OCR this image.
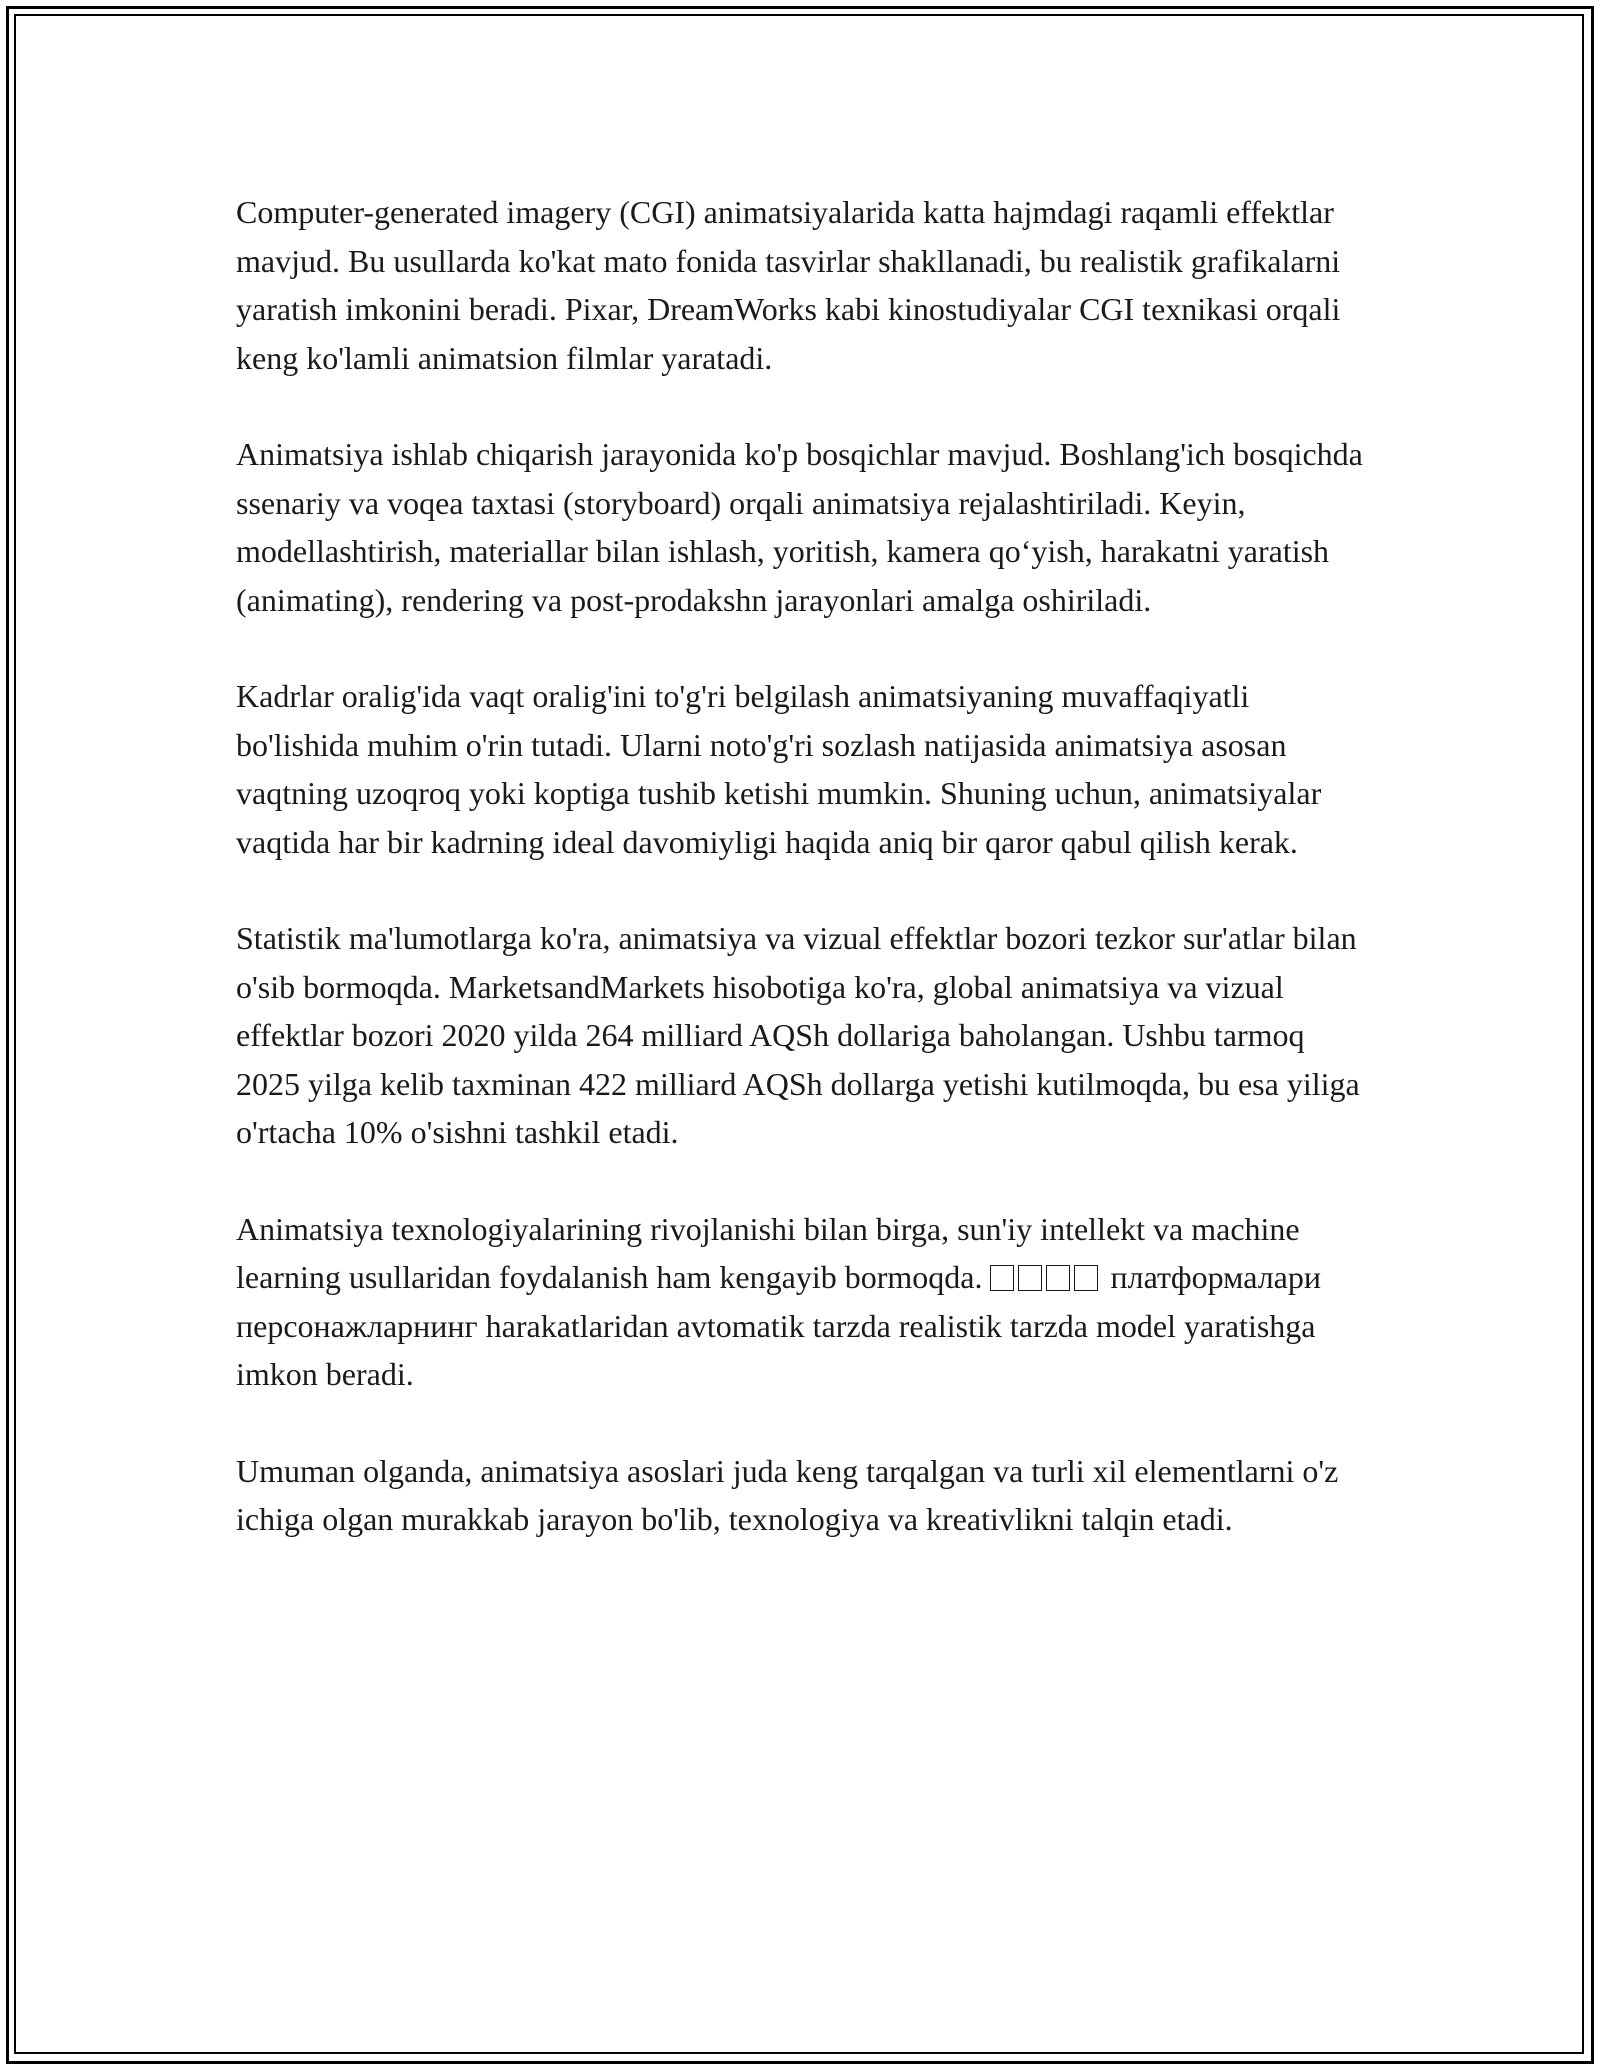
Computer-generated imagery (CGI) animatsiyalarida katta hajmdagi raqamli effektlar mavjud. Bu usullarda ko'kat mato fonida tasvirlar shakllanadi, bu realistik grafikalarni yaratish imkonini beradi. Pixar, DreamWorks kabi kinostudiyalar CGI texnikasi orqali keng ko'lamli animatsion filmlar yaratadi.

Animatsiya ishlab chiqarish jarayonida ko'p bosqichlar mavjud. Boshlang'ich bosqichda ssenariy va voqea taxtasi (storyboard) orqali animatsiya rejalashtiriladi. Keyin, modellashtirish, materiallar bilan ishlash, yoritish, kamera qo‘yish, harakatni yaratish (animating), rendering va post-prodakshn jarayonlari amalga oshiriladi.

Kadrlar oralig'ida vaqt oralig'ini to'g'ri belgilash animatsiyaning muvaffaqiyatli bo'lishida muhim o'rin tutadi. Ularni noto'g'ri sozlash natijasida animatsiya asosan vaqtning uzoqroq yoki koptiga tushib ketishi mumkin. Shuning uchun, animatsiyalar vaqtida har bir kadrning ideal davomiyligi haqida aniq bir qaror qabul qilish kerak.

Statistik ma'lumotlarga ko'ra, animatsiya va vizual effektlar bozori tezkor sur'atlar bilan o'sib bormoqda. MarketsandMarkets hisobotiga ko'ra, global animatsiya va vizual effektlar bozori 2020 yilda 264 milliard AQSh dollariga baholangan. Ushbu tarmoq 2025 yilga kelib taxminan 422 milliard AQSh dollarga yetishi kutilmoqda, bu esa yiliga o'rtacha 10% o'sishni tashkil etadi.

Animatsiya texnologiyalarining rivojlanishi bilan birga, sun'iy intellekt va machine learning usullaridan foydalanish ham kengayib bormoqda.	платформалари персонажларнинг harakatlaridan avtomatik tarzda realistik tarzda model yaratishga imkon beradi.

Umuman olganda, animatsiya asoslari juda keng tarqalgan va turli xil elementlarni o'z ichiga olgan murakkab jarayon bo'lib, texnologiya va kreativlikni talqin etadi.
